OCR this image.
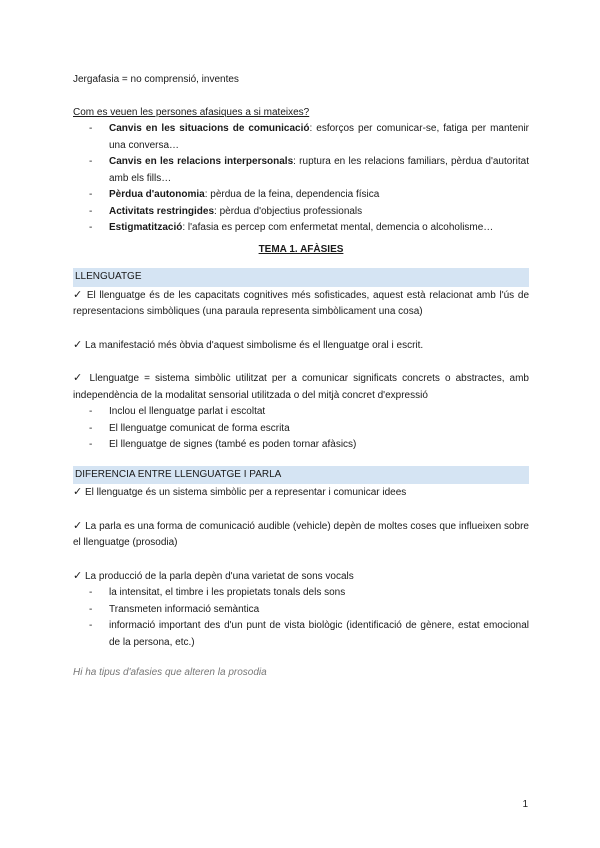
Jergafasia = no comprensió, inventes
Com es veuen les persones afasiques a si mateixes?
- Canvis en les situacions de comunicació: esforços per comunicar-se, fatiga per mantenir una conversa…
- Canvis en les relacions interpersonals: ruptura en les relacions familiars, pèrdua d'autoritat amb els fills…
- Pèrdua d'autonomia: pèrdua de la feina, dependencia física
- Activitats restringides: pèrdua d'objectius professionals
- Estigmatització: l'afasia es percep com enfermetat mental, demencia o alcoholisme…
TEMA 1. AFÀSIES
LLENGUATGE
✓ El llenguatge és de les capacitats cognitives més sofisticades, aquest està relacionat amb l'ús de representacions simbòliques (una paraula representa simbòlicament una cosa)
✓ La manifestació més òbvia d'aquest simbolisme és el llenguatge oral i escrit.
✓ Llenguatge = sistema simbòlic utilitzat per a comunicar significats concrets o abstractes, amb independència de la modalitat sensorial utilitzada o del mitjà concret d'expressió
- Inclou el llenguatge parlat i escoltat
- El llenguatge comunicat de forma escrita
- El llenguatge de signes (també es poden tornar afàsics)
DIFERENCIA ENTRE LLENGUATGE I PARLA
✓ El llenguatge és un sistema simbòlic per a representar i comunicar idees
✓ La parla es una forma de comunicació audible (vehicle) depèn de moltes coses que influeixen sobre el llenguatge (prosodia)
✓ La producció de la parla depèn d'una varietat de sons vocals
- la intensitat, el timbre i les propietats tonals dels sons
- Transmeten informació semàntica
- informació important des d'un punt de vista biològic (identificació de gènere, estat emocional de la persona, etc.)
Hi ha tipus d'afasies que alteren la prosodia
1
